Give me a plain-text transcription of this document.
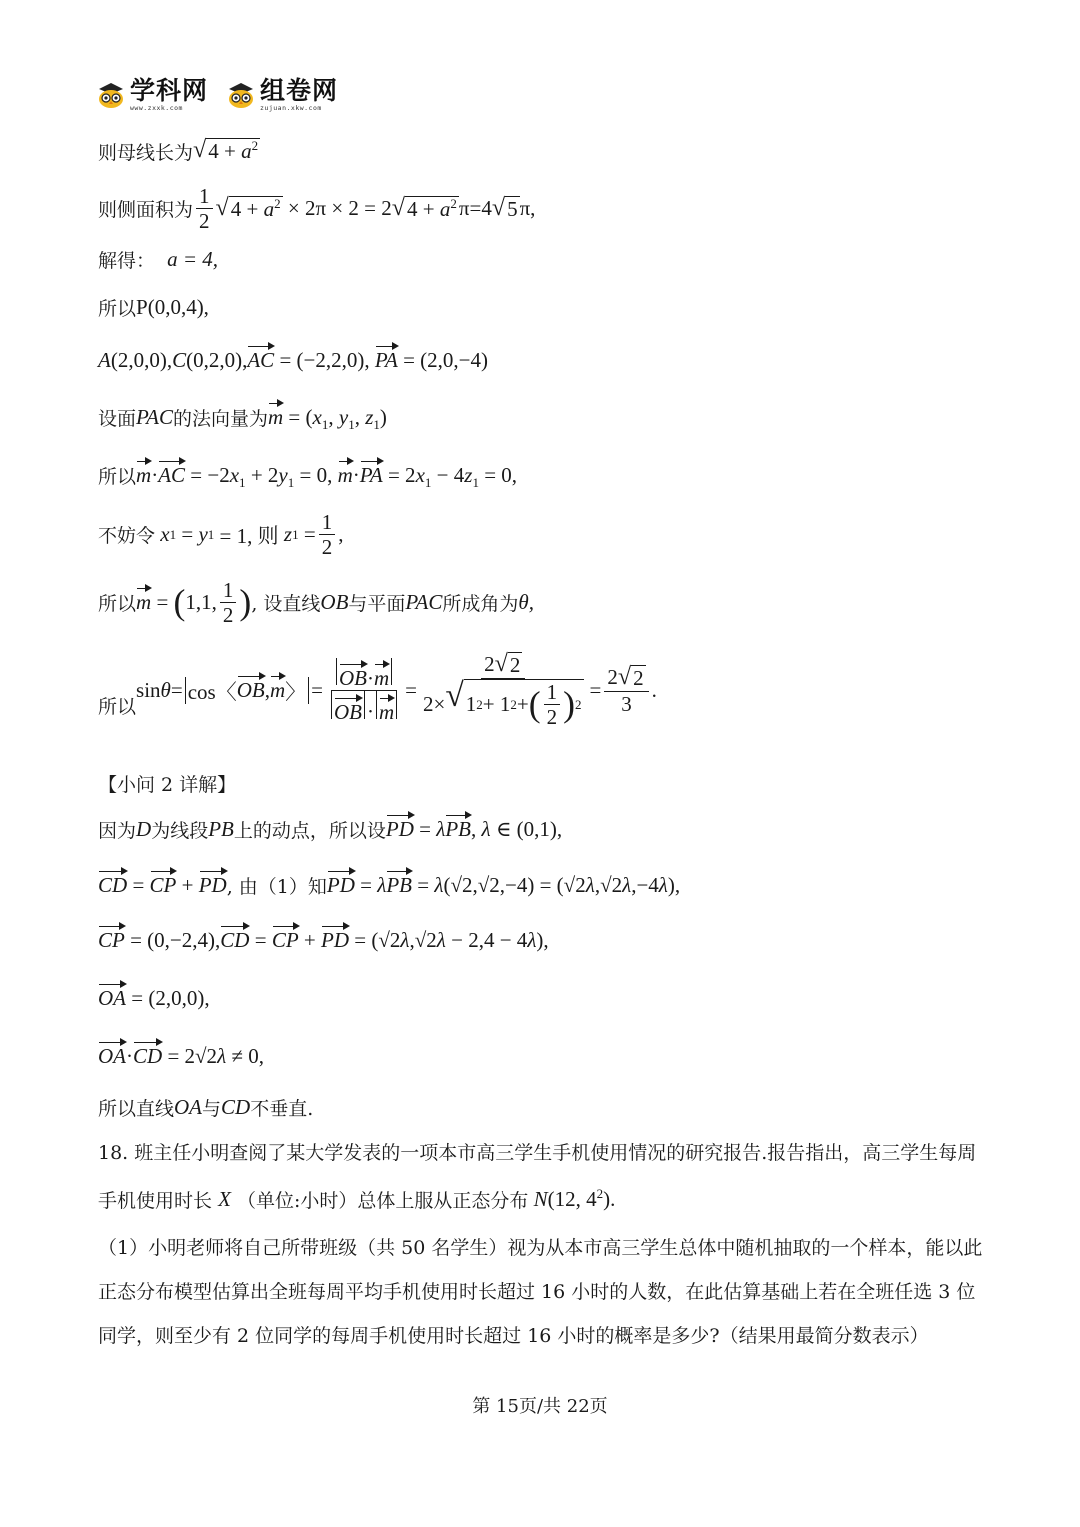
学科网
www.zxxk.com
组卷网
zujuan.xkw.com
则母线长为 √ $4 + a^2$
则侧面积为 $\frac{1}{2}$ √ $4 + a^2 \times 2\pi \times 2 = 2$ √ $4 + a^2$ π=4 √ 5 π,
解得：
a = 4,
所以 P(0,0,4),
A(2,0,0),C(0,2,0),AC = (−2,2,0), PA = (2,0,−4)
设面 PAC 的法向量为 $m = (x_1$, $y_1$, $z_1$)
所以 $m\cdot AC = -2x_1 + 2y_1 = 0$, $m\cdot PA = 2x_1 - 4z_1 = 0$,
不妨令
x 1 = y 1 = 1, 则 z $1 = \frac{1}{2}$ ,
所以 m = ( 1,1, $\frac{1}{2}$ ) , 设直线 OB 与平面 PAC 所成角为 θ,
所以
sin θ =
cos〈 OB , m 〉
= $\frac{OB\cdot m}{OB \cdot m} = \frac{2 √ 2}{2\times √ 1 2 + 1 2 + ( \frac{1}{2} ) 2} = \frac{2 √ 2}{3}$ .
【小问 2 详解】
因为 D 为线段 PB 上的动点，所以设 PD = λPB, λ ∈ (0,1),
CD = CP + PD , 由（1）知 PD = λPB = λ(√2,√2,−4) = (√2λ,√2λ,−4λ),
CP = (0,−2,4),CD = CP + PD = (√2λ,√2λ − 2,4 − 4λ),
OA = (2,0,0),
OA·CD = 2√2λ ≠ 0,
所以直线 OA 与 CD 不垂直.
18. 班主任小明查阅了某大学发表的一项本市高三学生手机使用情况的研究报告.报告指出，高三学生每周
手机使用时长
X
（单位:小时）总体上服从正态分布 N(12, $4^2$).
（1）小明老师将自己所带班级（共 50 名学生）视为从本市高三学生总体中随机抽取的一个样本，能以此正态分布模型估算出全班每周平均手机使用时长超过 16 小时的人数，在此估算基础上若在全班任选 3 位同学，则至少有 2 位同学的每周手机使用时长超过 16 小时的概率是多少?（结果用最简分数表示）
第 15页/共 22页
